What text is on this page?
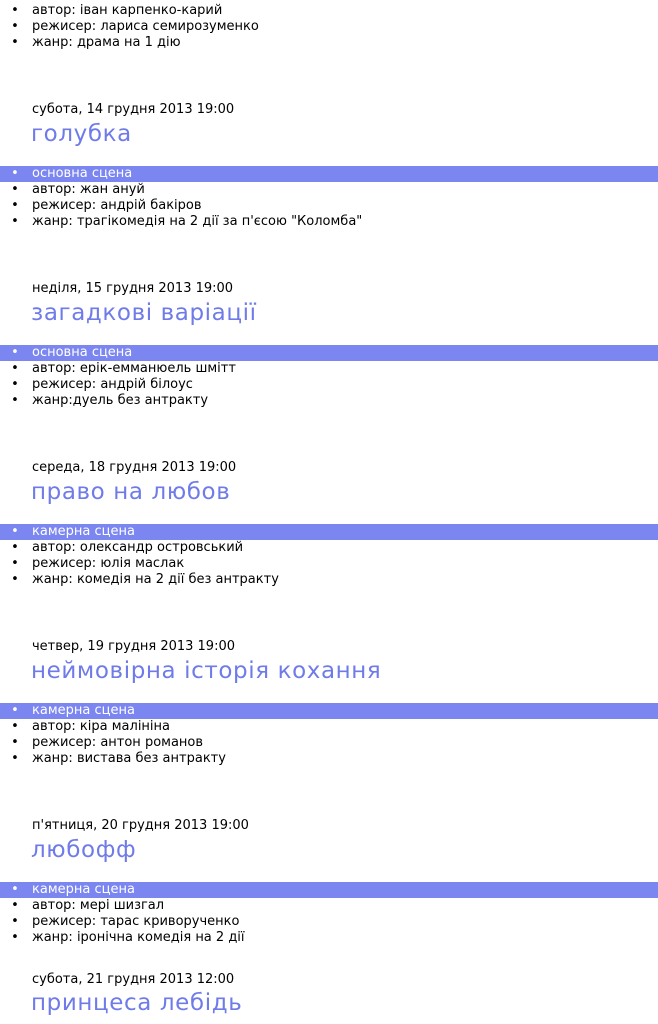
• автор: іван карпенко-карий
• режисер: лариса семирозуменко
• жанр: драма на 1 дію
субота, 14 грудня 2013 19:00
голубка
• основна сцена
• автор: жан ануй
• режисер: андрій бакіров
• жанр: трагікомедія на 2 дії за п'єсою "Коломба"
неділя, 15 грудня 2013 19:00
загадкові варіації
• основна сцена
• автор: ерік-емманюель шмітт
• режисер: андрій білоус
• жанр:дуель без антракту
середа, 18 грудня 2013 19:00
право на любов
• камерна сцена
• автор: олександр островський
• режисер: юлія маслак
• жанр: комедія на 2 дії без антракту
четвер, 19 грудня 2013 19:00
неймовірна історія кохання
• камерна сцена
• автор: кіра малініна
• режисер: антон романов
• жанр: вистава без антракту
п'ятниця, 20 грудня 2013 19:00
любофф
• камерна сцена
• автор: мері шизгал
• режисер: тарас криворученко
• жанр: іронічна комедія на 2 дії
субота, 21 грудня 2013 12:00
принцеса лебідь
